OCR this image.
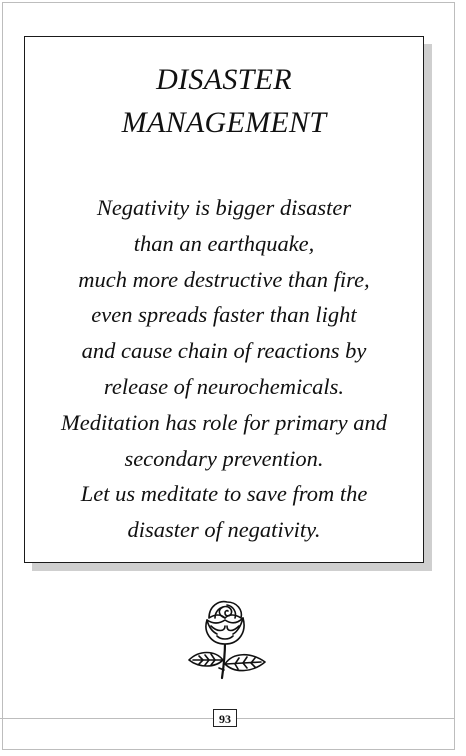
DISASTER
MANAGEMENT

Negativity is bigger disaster
than an earthquake,
much more destructive than fire,
even spreads faster than light
and cause chain of reactions by
release of neurochemicals.
Meditation has role for primary and
secondary prevention.
Let us meditate to save from the
disaster of negativity.

93
